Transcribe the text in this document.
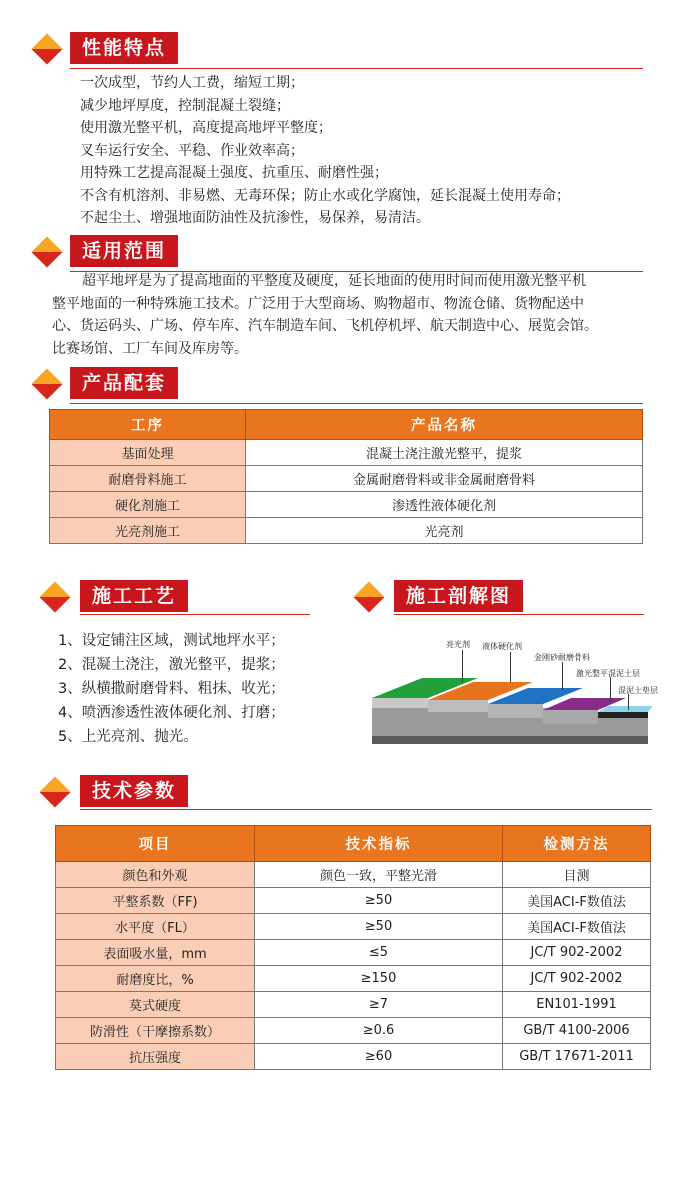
性能特点
一次成型，节约人工费，缩短工期；
减少地坪厚度，控制混凝土裂缝；
使用激光整平机，高度提高地坪平整度；
叉车运行安全、平稳、作业效率高；
用特殊工艺提高混凝土强度、抗重压、耐磨性强；
不含有机溶剂、非易燃、无毒环保；防止水或化学腐蚀，延长混凝土使用寿命；
不起尘土、增强地面防油性及抗渗性，易保养，易清洁。
适用范围
超平地坪是为了提高地面的平整度及硬度，延长地面的使用时间而使用激光整平机
整平地面的一种特殊施工技术。广泛用于大型商场、购物超市、物流仓储、货物配送中
心、货运码头、广场、停车库、汽车制造车间、飞机停机坪、航天制造中心、展览会馆。
比赛场馆、工厂车间及库房等。
产品配套
工序	产品名称
基面处理	混凝土浇注激光整平，提浆
耐磨骨料施工	金属耐磨骨料或非金属耐磨骨料
硬化剂施工	渗透性液体硬化剂
光亮剂施工	光亮剂
施工工艺
1、设定铺注区域，测试地坪水平；
2、混凝土浇注，激光整平，提浆；
3、纵横撒耐磨骨料、粗抹、收光；
4、喷洒渗透性液体硬化剂、打磨；
5、上光亮剂、抛光。
施工剖解图
亮光剂 液体硬化剂
金刚砂耐磨骨料
激光整平混泥土层
混泥土垫层
技术参数
项目	技术指标	检测方法
颜色和外观	颜色一致，平整光滑	目测
平整系数（FF)	≥50	美国ACI-F数值法
水平度（FL）	≥50	美国ACI-F数值法
表面吸水量，mm	≤5	JC/T 902-2002
耐磨度比，%	≥150	JC/T 902-2002
莫式硬度	≥7	EN101-1991
防滑性（干摩擦系数）	≥0.6	GB/T 4100-2006
抗压强度	≥60	GB/T 17671-2011
